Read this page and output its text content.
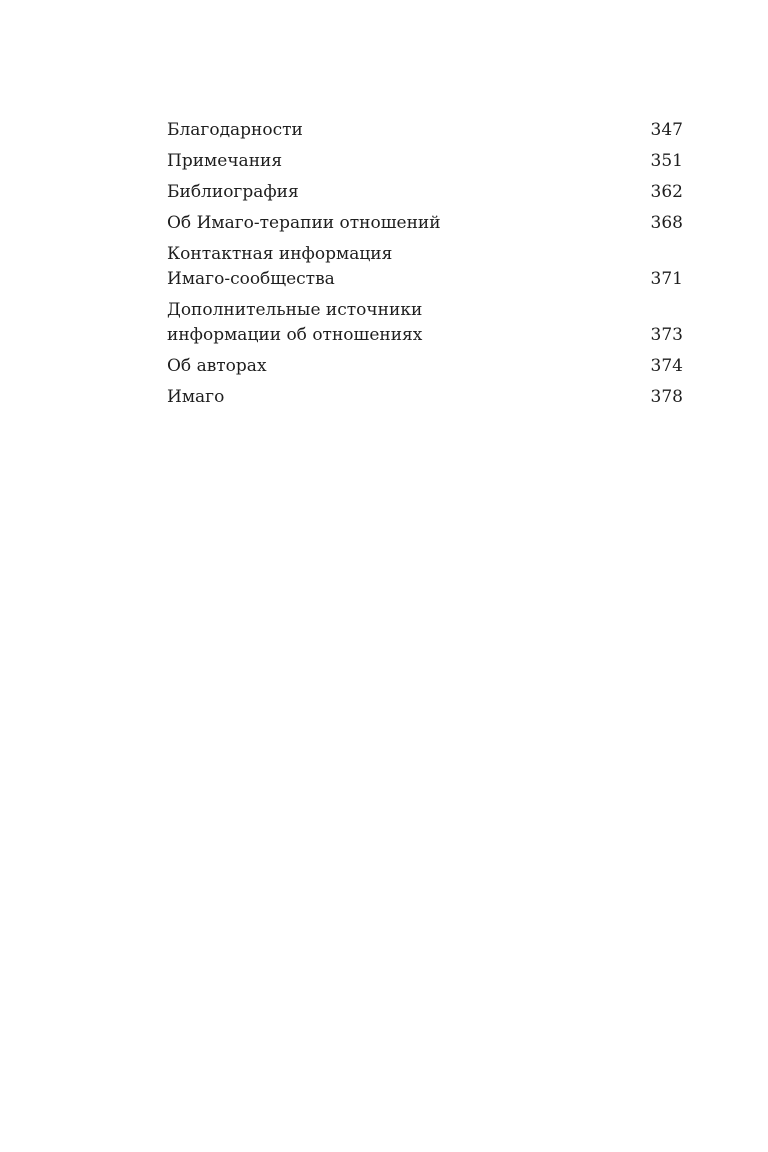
Благодарности	347
Примечания	351
Библиография	362
Об Имаго-терапии отношений	368
Контактная информация
Имаго-сообщества	371
Дополнительные источники
информации об отношениях	373
Об авторах	374
Имаго	378
